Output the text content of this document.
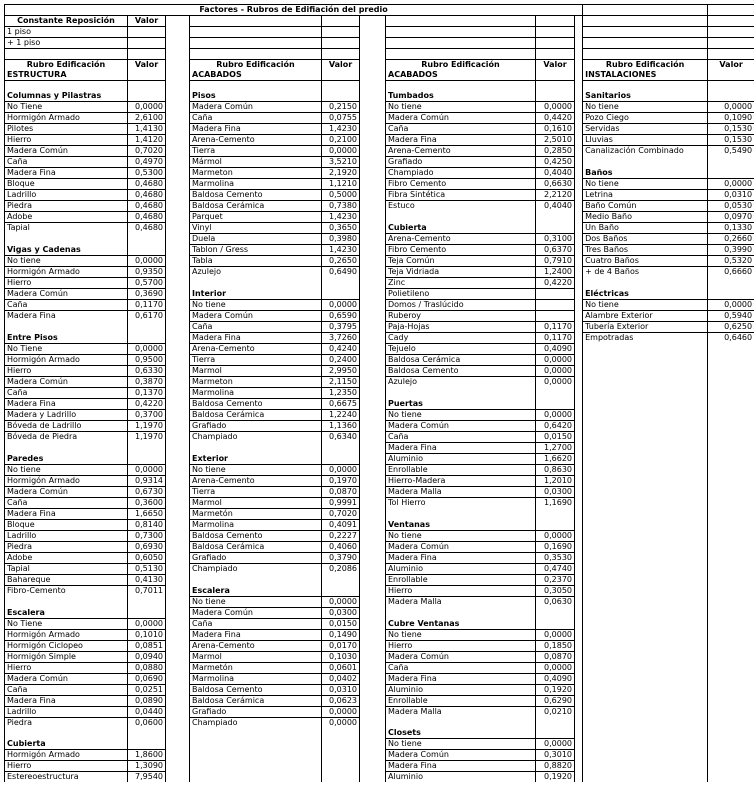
Factores - Rubros de Edifiación del predio										
Constante Reposición	Valor									
1 piso										
+ 1 piso										

Rubro Edificación	Valor		Rubro Edificación	Valor		Rubro Edificación	Valor		Rubro Edificación	Valor
ESTRUCTURA			ACABADOS			ACABADOS			INSTALACIONES	

Columnas y Pilastras			Pisos			Tumbados			Sanitarios	
No Tiene	0,0000		Madera Común	0,2150		No tiene	0,0000		No tiene	0,0000
Hormigón Armado	2,6100		Caña	0,0755		Madera Común	0,4420		Pozo Ciego	0,1090
Pilotes	1,4130		Madera Fina	1,4230		Caña	0,1610		Servidas	0,1530
Hierro	1,4120		Arena-Cemento	0,2100		Madera Fina	2,5010		Lluvias	0,1530
Madera Común	0,7020		Tierra	0,0000		Arena-Cemento	0,2850		Canalización Combinado	0,5490
Caña	0,4970		Mármol	3,5210		Grafiado	0,4250			
Madera Fina	0,5300		Marmeton	2,1920		Champiado	0,4040		Baños	
Bloque	0,4680		Marmolina	1,1210		Fibro Cemento	0,6630		No tiene	0,0000
Ladrillo	0,4680		Baldosa Cemento	0,5000		Fibra Sintética	2,2120		Letrina	0,0310
Piedra	0,4680		Baldosa Cerámica	0,7380		Estuco	0,4040		Baño Común	0,0530
Adobe	0,4680		Parquet	1,4230					Medio Baño	0,0970
Tapial	0,4680		Vinyl	0,3650		Cubierta			Un Baño	0,1330
			Duela	0,3980		Arena-Cemento	0,3100		Dos Baños	0,2660
Vigas y Cadenas			Tablon / Gress	1,4230		Fibro Cemento	0,6370		Tres Baños	0,3990
No tiene	0,0000		Tabla	0,2650		Teja Común	0,7910		Cuatro Baños	0,5320
Hormigón Armado	0,9350		Azulejo	0,6490		Teja Vidriada	1,2400		+ de 4 Baños	0,6660
Hierro	0,5700					Zinc	0,4220			
Madera Común	0,3690		Interior			Polietileno			Eléctricas	
Caña	0,1170		No tiene	0,0000		Domos / Traslúcido			No tiene	0,0000
Madera Fina	0,6170		Madera Común	0,6590		Ruberoy			Alambre Exterior	0,5940
			Caña	0,3795		Paja-Hojas	0,1170		Tubería Exterior	0,6250
Entre Pisos			Madera Fina	3,7260		Cady	0,1170		Empotradas	0,6460
No Tiene	0,0000		Arena-Cemento	0,4240		Tejuelo	0,4090			
Hormigón Armado	0,9500		Tierra	0,2400		Baldosa Cerámica	0,0000			
Hierro	0,6330		Marmol	2,9950		Baldosa Cemento	0,0000			
Madera Común	0,3870		Marmeton	2,1150		Azulejo	0,0000			
Caña	0,1370		Marmolina	1,2350						
Madera Fina	0,4220		Baldosa Cemento	0,6675		Puertas				
Madera y Ladrillo	0,3700		Baldosa Cerámica	1,2240		No tiene	0,0000			
Bóveda de Ladrillo	1,1970		Grafiado	1,1360		Madera Común	0,6420			
Bóveda de Piedra	1,1970		Champiado	0,6340		Caña	0,0150			
						Madera Fina	1,2700			
Paredes			Exterior			Aluminio	1,6620			
No tiene	0,0000		No tiene	0,0000		Enrollable	0,8630			
Hormigón Armado	0,9314		Arena-Cemento	0,1970		Hierro-Madera	1,2010			
Madera Común	0,6730		Tierra	0,0870		Madera Malla	0,0300			
Caña	0,3600		Marmol	0,9991		Tol Hierro	1,1690			
Madera Fina	1,6650		Marmetón	0,7020						
Bloque	0,8140		Marmolina	0,4091		Ventanas				
Ladrillo	0,7300		Baldosa Cemento	0,2227		No tiene	0,0000			
Piedra	0,6930		Baldosa Cerámica	0,4060		Madera Común	0,1690			
Adobe	0,6050		Grafiado	0,3790		Madera Fina	0,3530			
Tapial	0,5130		Champiado	0,2086		Aluminio	0,4740			
Bahareque	0,4130					Enrollable	0,2370			
Fibro-Cemento	0,7011		Escalera			Hierro	0,3050			
			No tiene	0,0000		Madera Malla	0,0630			
Escalera			Madera Común	0,0300						
No Tiene	0,0000		Caña	0,0150		Cubre Ventanas				
Hormigón Armado	0,1010		Madera Fina	0,1490		No tiene	0,0000			
Hormigón Ciclopeo	0,0851		Arena-Cemento	0,0170		Hierro	0,1850			
Hormigón Simple	0,0940		Marmol	0,1030		Madera Común	0,0870			
Hierro	0,0880		Marmetón	0,0601		Caña	0,0000			
Madera Común	0,0690		Marmolina	0,0402		Madera Fina	0,4090			
Caña	0,0251		Baldosa Cemento	0,0310		Aluminio	0,1920			
Madera Fina	0,0890		Baldosa Cerámica	0,0623		Enrollable	0,6290			
Ladrillo	0,0440		Grafiado	0,0000		Madera Malla	0,0210			
Piedra	0,0600		Champiado	0,0000						
						Closets				
Cubierta						No tiene	0,0000			
Hormigón Armado	1,8600					Madera Común	0,3010			
Hierro	1,3090					Madera Fina	0,8820			
Estereoestructura	7,9540					Aluminio	0,1920			
